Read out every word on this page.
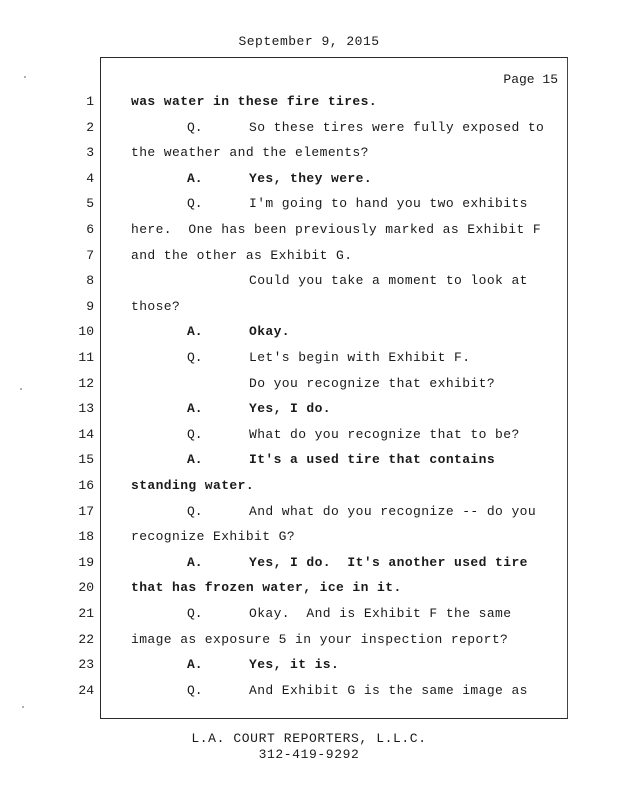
September 9, 2015
Page 15
1	was water in these fire tires.
2	Q.	So these tires were fully exposed to
3	the weather and the elements?
4	A.	Yes, they were.
5	Q.	I'm going to hand you two exhibits
6	here.  One has been previously marked as Exhibit F
7	and the other as Exhibit G.
8	Could you take a moment to look at
9	those?
10	A.	Okay.
11	Q.	Let's begin with Exhibit F.
12	Do you recognize that exhibit?
13	A.	Yes, I do.
14	Q.	What do you recognize that to be?
15	A.	It's a used tire that contains
16	standing water.
17	Q.	And what do you recognize -- do you
18	recognize Exhibit G?
19	A.	Yes, I do.  It's another used tire
20	that has frozen water, ice in it.
21	Q.	Okay.  And is Exhibit F the same
22	image as exposure 5 in your inspection report?
23	A.	Yes, it is.
24	Q.	And Exhibit G is the same image as
L.A. COURT REPORTERS, L.L.C.
312-419-9292
